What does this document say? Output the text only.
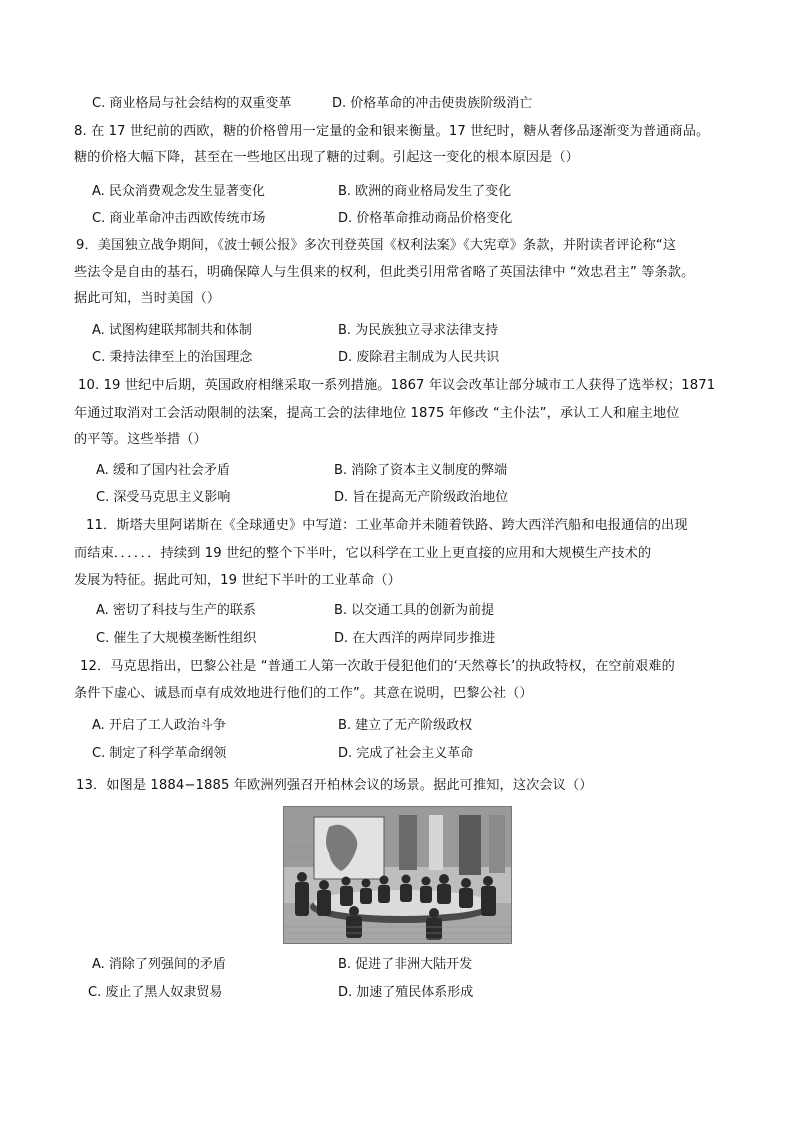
C. 商业格局与社会结构的双重变革	D. 价格革命的冲击使贵族阶级消亡
8. 在 17 世纪前的西欧，糖的价格曾用一定量的金和银来衡量。17 世纪时，糖从奢侈品逐渐变为普通商品。
糖的价格大幅下降，甚至在一些地区出现了糖的过剩。引起这一变化的根本原因是（）
A. 民众消费观念发生显著变化	B. 欧洲的商业格局发生了变化
C. 商业革命冲击西欧传统市场	D. 价格革命推动商品价格变化
9．美国独立战争期间，《波士顿公报》多次刊登英国《权利法案》《大宪章》条款，并附读者评论称“这
些法令是自由的基石，明确保障人与生俱来的权利，但此类引用常省略了英国法律中 “效忠君主” 等条款。
据此可知，当时美国（）
A. 试图构建联邦制共和体制	B. 为民族独立寻求法律支持
C. 秉持法律至上的治国理念	D. 废除君主制成为人民共识
10. 19 世纪中后期，英国政府相继采取一系列措施。1867 年议会改革让部分城市工人获得了选举权；1871
年通过取消对工会活动限制的法案，提高工会的法律地位 1875 年修改 “主仆法”，承认工人和雇主地位
的平等。这些举措（）
A. 缓和了国内社会矛盾	B. 消除了资本主义制度的弊端
C. 深受马克思主义影响	D. 旨在提高无产阶级政治地位
11．斯塔夫里阿诺斯在《全球通史》中写道：工业革命并未随着铁路、跨大西洋汽船和电报通信的出现
而结束．．．．．．持续到 19 世纪的整个下半叶，它以科学在工业上更直接的应用和大规模生产技术的
发展为特征。据此可知，19 世纪下半叶的工业革命（）
A. 密切了科技与生产的联系	B. 以交通工具的创新为前提
C. 催生了大规模垄断性组织	D. 在大西洋的两岸同步推进
12．马克思指出，巴黎公社是 “普通工人第一次敢于侵犯他们的‘天然尊长’的执政特权，在空前艰难的
条件下虚心、诚恳而卓有成效地进行他们的工作”。其意在说明，巴黎公社（）
A. 开启了工人政治斗争	B. 建立了无产阶级政权
C. 制定了科学革命纲领	D. 完成了社会主义革命
13．如图是 1884−1885 年欧洲列强召开柏林会议的场景。据此可推知，这次会议（）
A. 消除了列强间的矛盾	B. 促进了非洲大陆开发
C. 废止了黑人奴隶贸易	D. 加速了殖民体系形成
